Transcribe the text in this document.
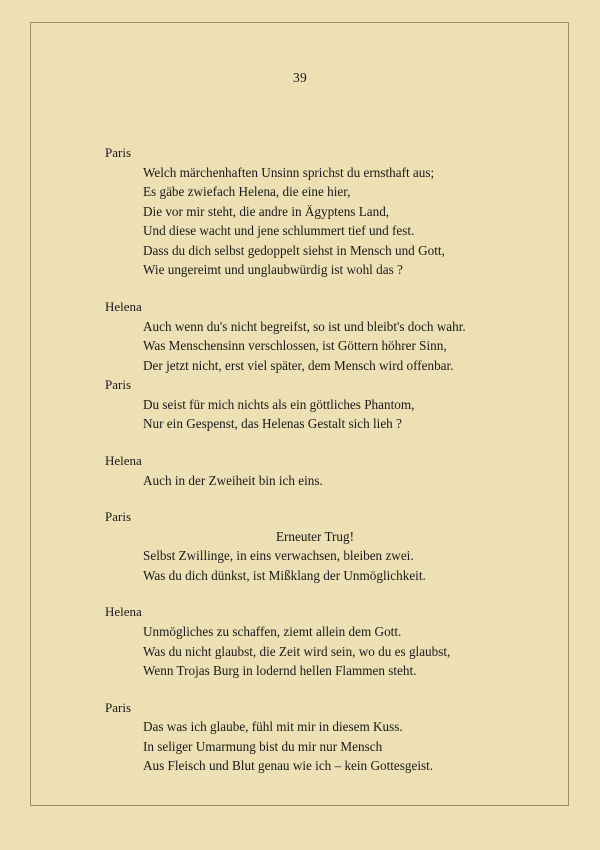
39

Paris

Welch märchenhaften Unsinn sprichst du ernsthaft aus;

Es gäbe zwiefach Helena, die eine hier,

Die vor mir steht, die andre in Ägyptens Land,

Und diese wacht und jene schlummert tief und fest.

Dass du dich selbst gedoppelt siehst in Mensch und Gott,

Wie ungereimt und unglaubwürdig ist wohl das ?

Helena

Auch wenn du's nicht begreifst, so ist und bleibt's doch wahr.

Was Menschensinn verschlossen, ist Göttern höhrer Sinn,

Der jetzt nicht, erst viel später, dem Mensch wird offenbar.

Paris

Du seist für mich nichts als ein göttliches Phantom,

Nur ein Gespenst, das Helenas Gestalt sich lieh ?

Helena

Auch in der Zweiheit bin ich eins.

Paris

Erneuter Trug!

Selbst Zwillinge, in eins verwachsen, bleiben zwei.

Was du dich dünkst, ist Mißklang der Unmöglichkeit.

Helena

Unmögliches zu schaffen, ziemt allein dem Gott.

Was du nicht glaubst, die Zeit wird sein, wo du es glaubst,

Wenn Trojas Burg in lodernd hellen Flammen steht.

Paris

Das was ich glaube, fühl mit mir in diesem Kuss.

In seliger Umarmung bist du mir nur Mensch

Aus Fleisch und Blut genau wie ich – kein Gottesgeist.
